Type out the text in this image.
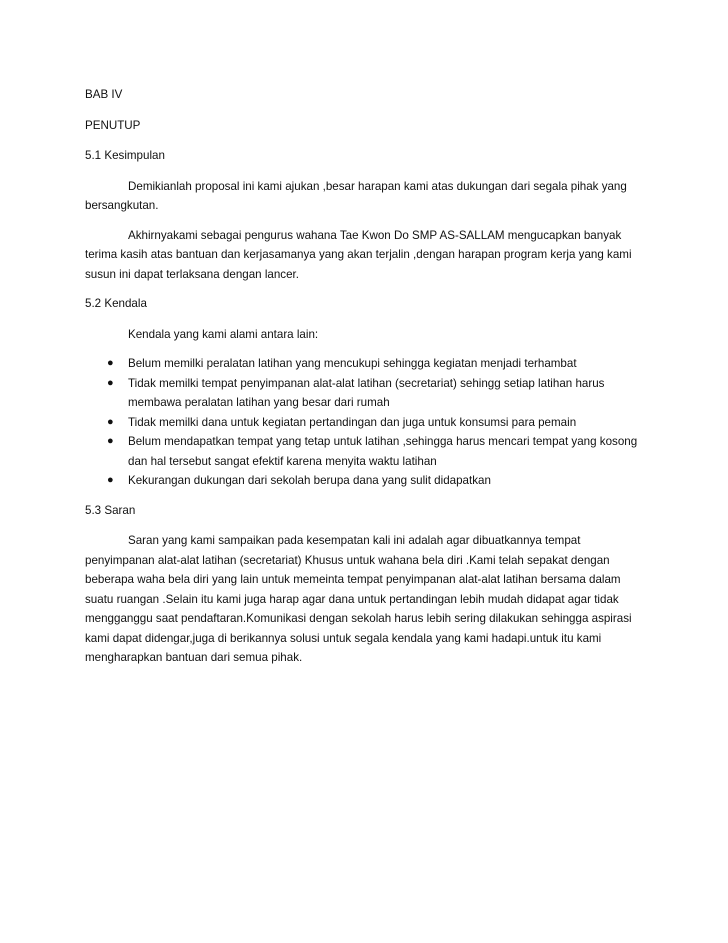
BAB IV

PENUTUP

5.1 Kesimpulan

Demikianlah proposal ini kami ajukan ,besar harapan kami atas dukungan dari segala pihak yang bersangkutan.

Akhirnyakami sebagai pengurus wahana Tae Kwon Do SMP AS-SALLAM mengucapkan banyak terima kasih atas bantuan dan kerjasamanya yang akan terjalin ,dengan harapan program kerja yang kami susun ini dapat terlaksana dengan lancer.

5.2 Kendala

Kendala yang kami alami antara lain:

● Belum memilki peralatan latihan yang mencukupi sehingga kegiatan menjadi terhambat
● Tidak memilki tempat penyimpanan alat-alat latihan (secretariat) sehingg setiap latihan harus membawa peralatan latihan yang besar dari rumah
● Tidak memilki dana untuk kegiatan pertandingan dan juga untuk konsumsi para pemain
● Belum mendapatkan tempat yang tetap untuk latihan ,sehingga harus mencari tempat yang kosong dan hal tersebut sangat efektif karena menyita waktu latihan
● Kekurangan dukungan dari sekolah berupa dana yang sulit didapatkan

5.3 Saran

Saran yang kami sampaikan pada kesempatan kali ini adalah agar dibuatkannya tempat penyimpanan alat-alat latihan (secretariat) Khusus untuk wahana bela diri .Kami telah sepakat dengan beberapa waha bela diri yang lain untuk memeinta tempat penyimpanan alat-alat latihan bersama dalam suatu ruangan .Selain itu kami juga harap agar dana untuk pertandingan lebih mudah didapat agar tidak mengganggu saat pendaftaran.Komunikasi dengan sekolah harus lebih sering dilakukan sehingga aspirasi kami dapat didengar,juga di berikannya solusi untuk segala kendala yang kami hadapi.untuk itu kami mengharapkan bantuan dari semua pihak.
